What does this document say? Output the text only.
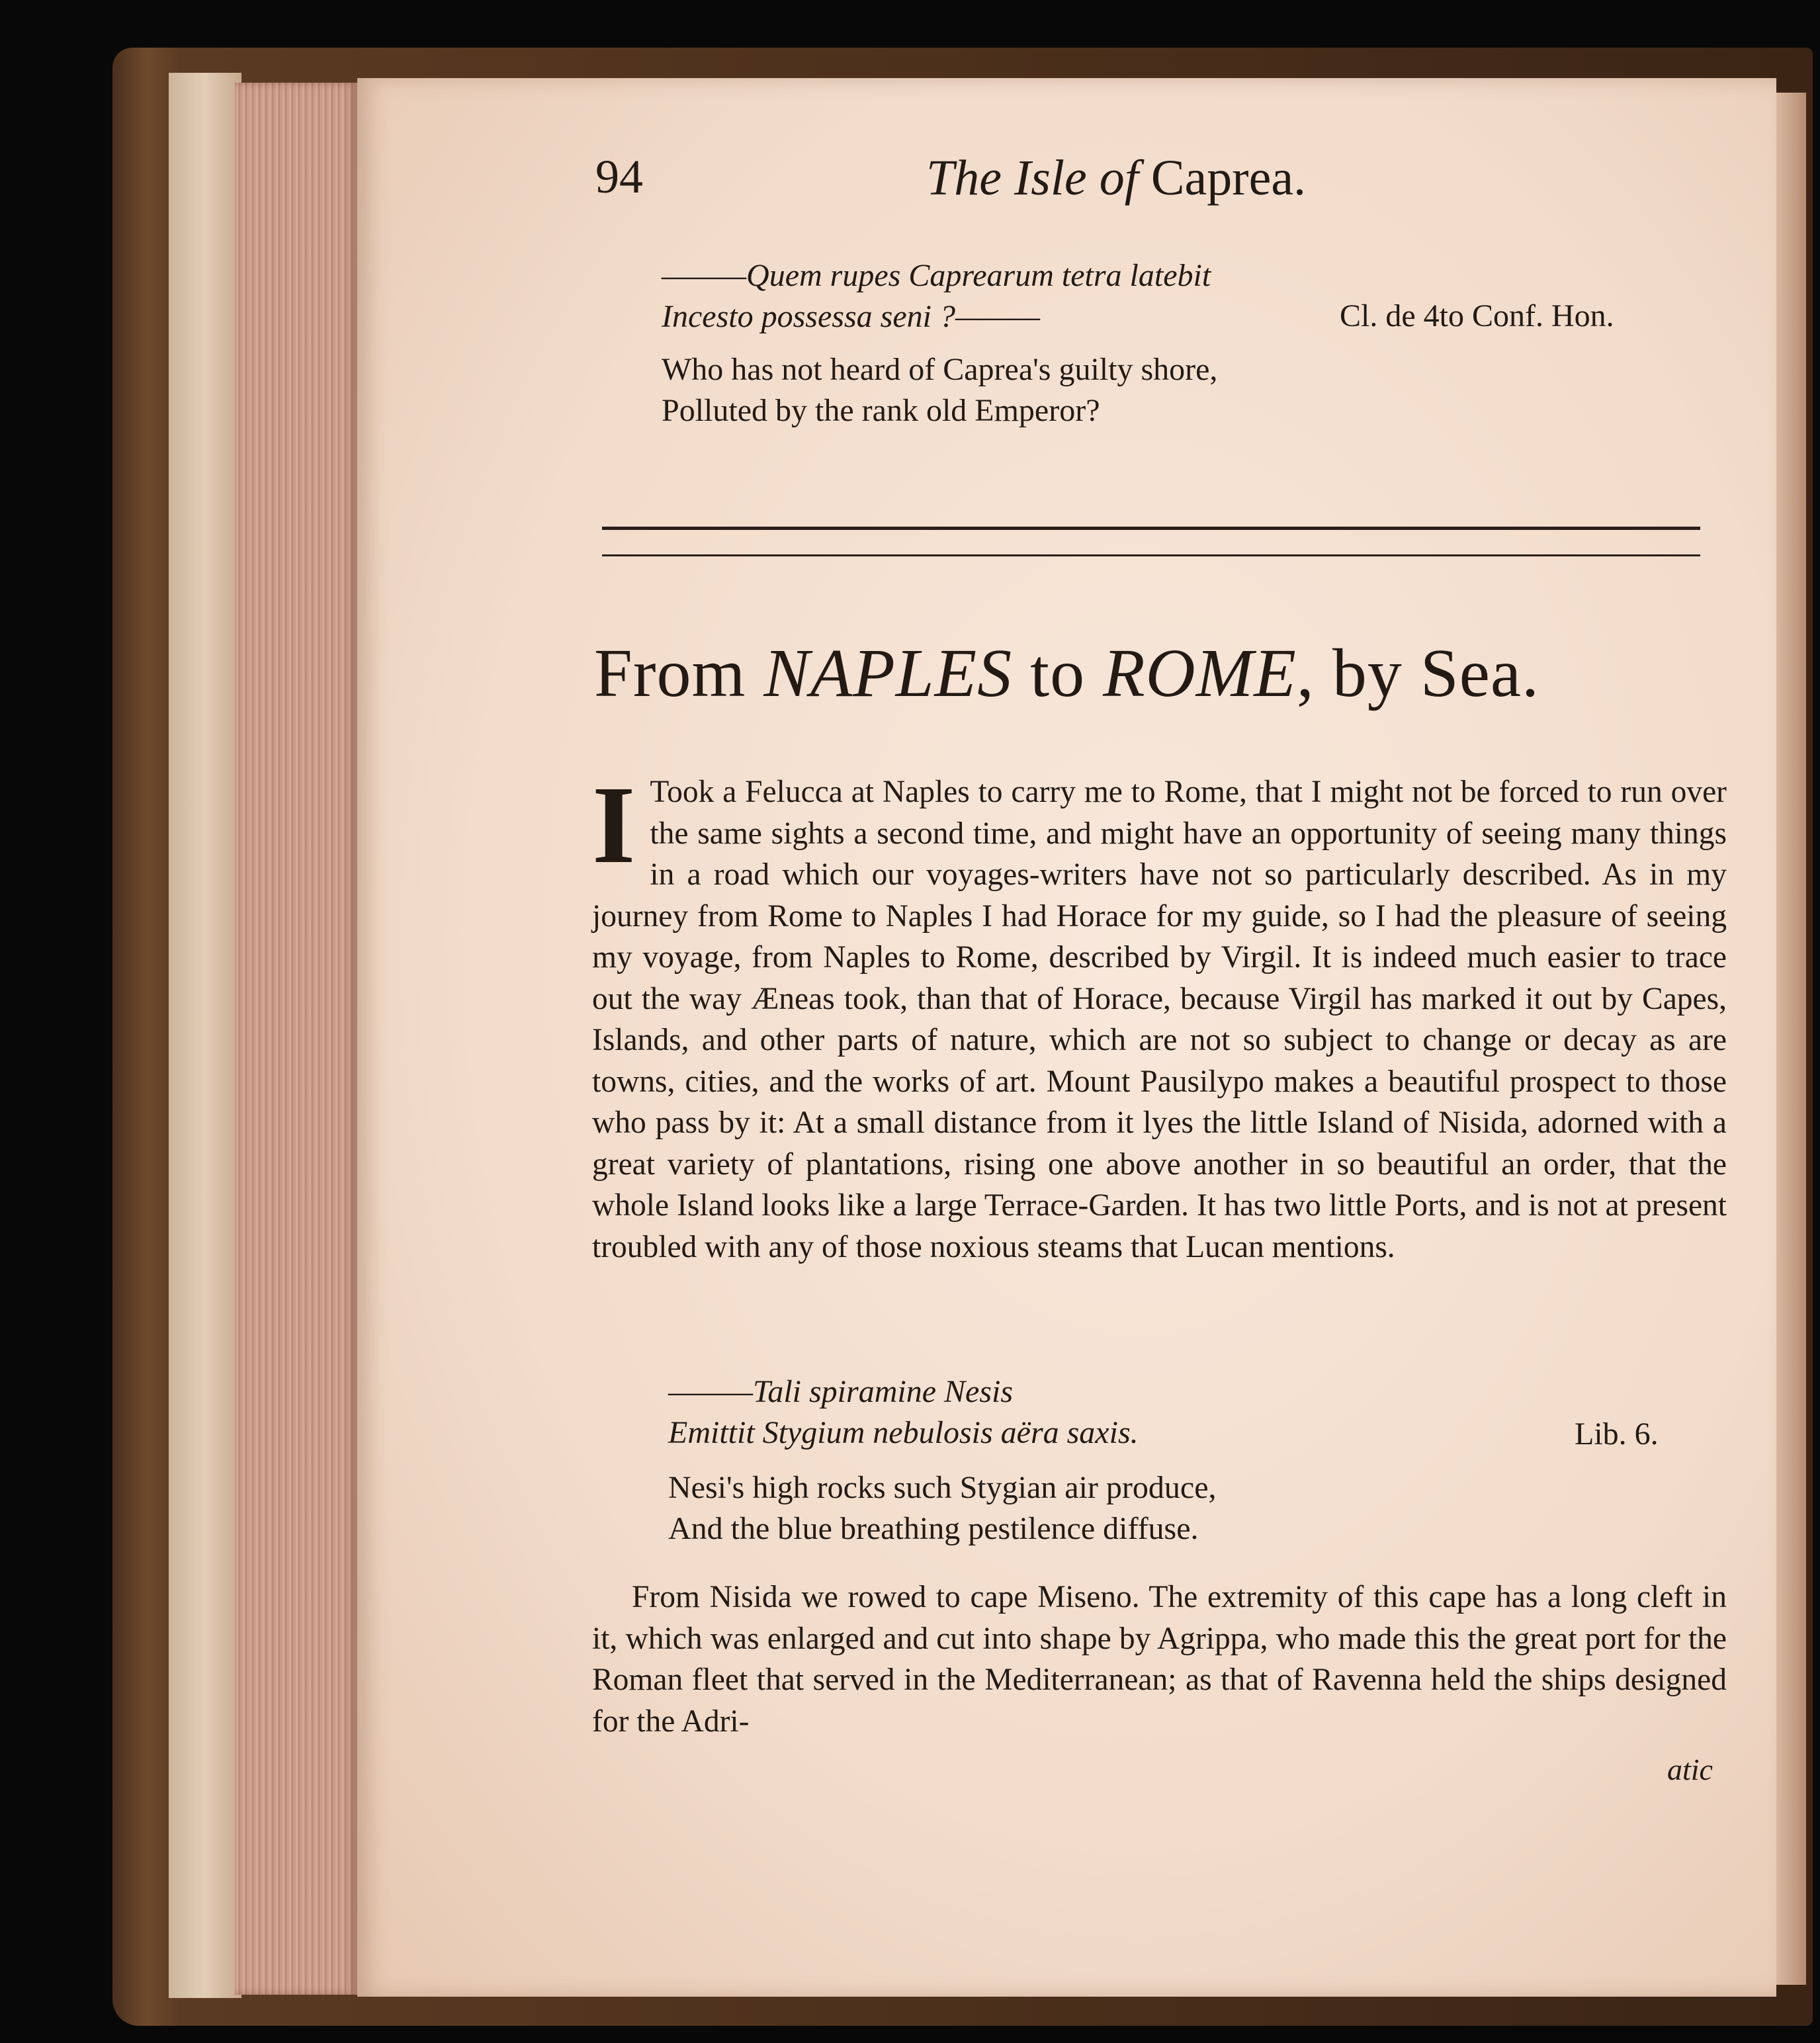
94	The Isle of Caprea.
———Quem rupes Caprearum tetra latebit
Incesto possessa seni ?———	Cl. de 4to Conf. Hon.
Who has not heard of Caprea's guilty shore,
Polluted by the rank old Emperor?
From NAPLES to ROME, by Sea.

I Took a Felucca at Naples to carry me to Rome, that I might not be forced to run over the same sights a second time, and might have an opportunity of seeing many things in a road which our voyages-writers have not so particularly described. As in my journey from Rome to Naples I had Horace for my guide, so I had the pleasure of seeing my voyage, from Naples to Rome, described by Virgil. It is indeed much easier to trace out the way Æneas took, than that of Horace, because Virgil has marked it out by Capes, Islands, and other parts of nature, which are not so subject to change or decay as are towns, cities, and the works of art. Mount Pausilypo makes a beautiful prospect to those who pass by it: At a small distance from it lyes the little Island of Nisida, adorned with a great variety of plantations, rising one above another in so beautiful an order, that the whole Island looks like a large Terrace-Garden. It has two little Ports, and is not at present troubled with any of those noxious steams that Lucan mentions.

———Tali spiramine Nesis
Emittit Stygium nebulosis aëra saxis.	Lib. 6.
Nesi's high rocks such Stygian air produce,
And the blue breathing pestilence diffuse.

From Nisida we rowed to cape Miseno. The extremity of this cape has a long cleft in it, which was enlarged and cut into shape by Agrippa, who made this the great port for the Roman fleet that served in the Mediterranean; as that of Ravenna held the ships designed for the Adri-

atic
